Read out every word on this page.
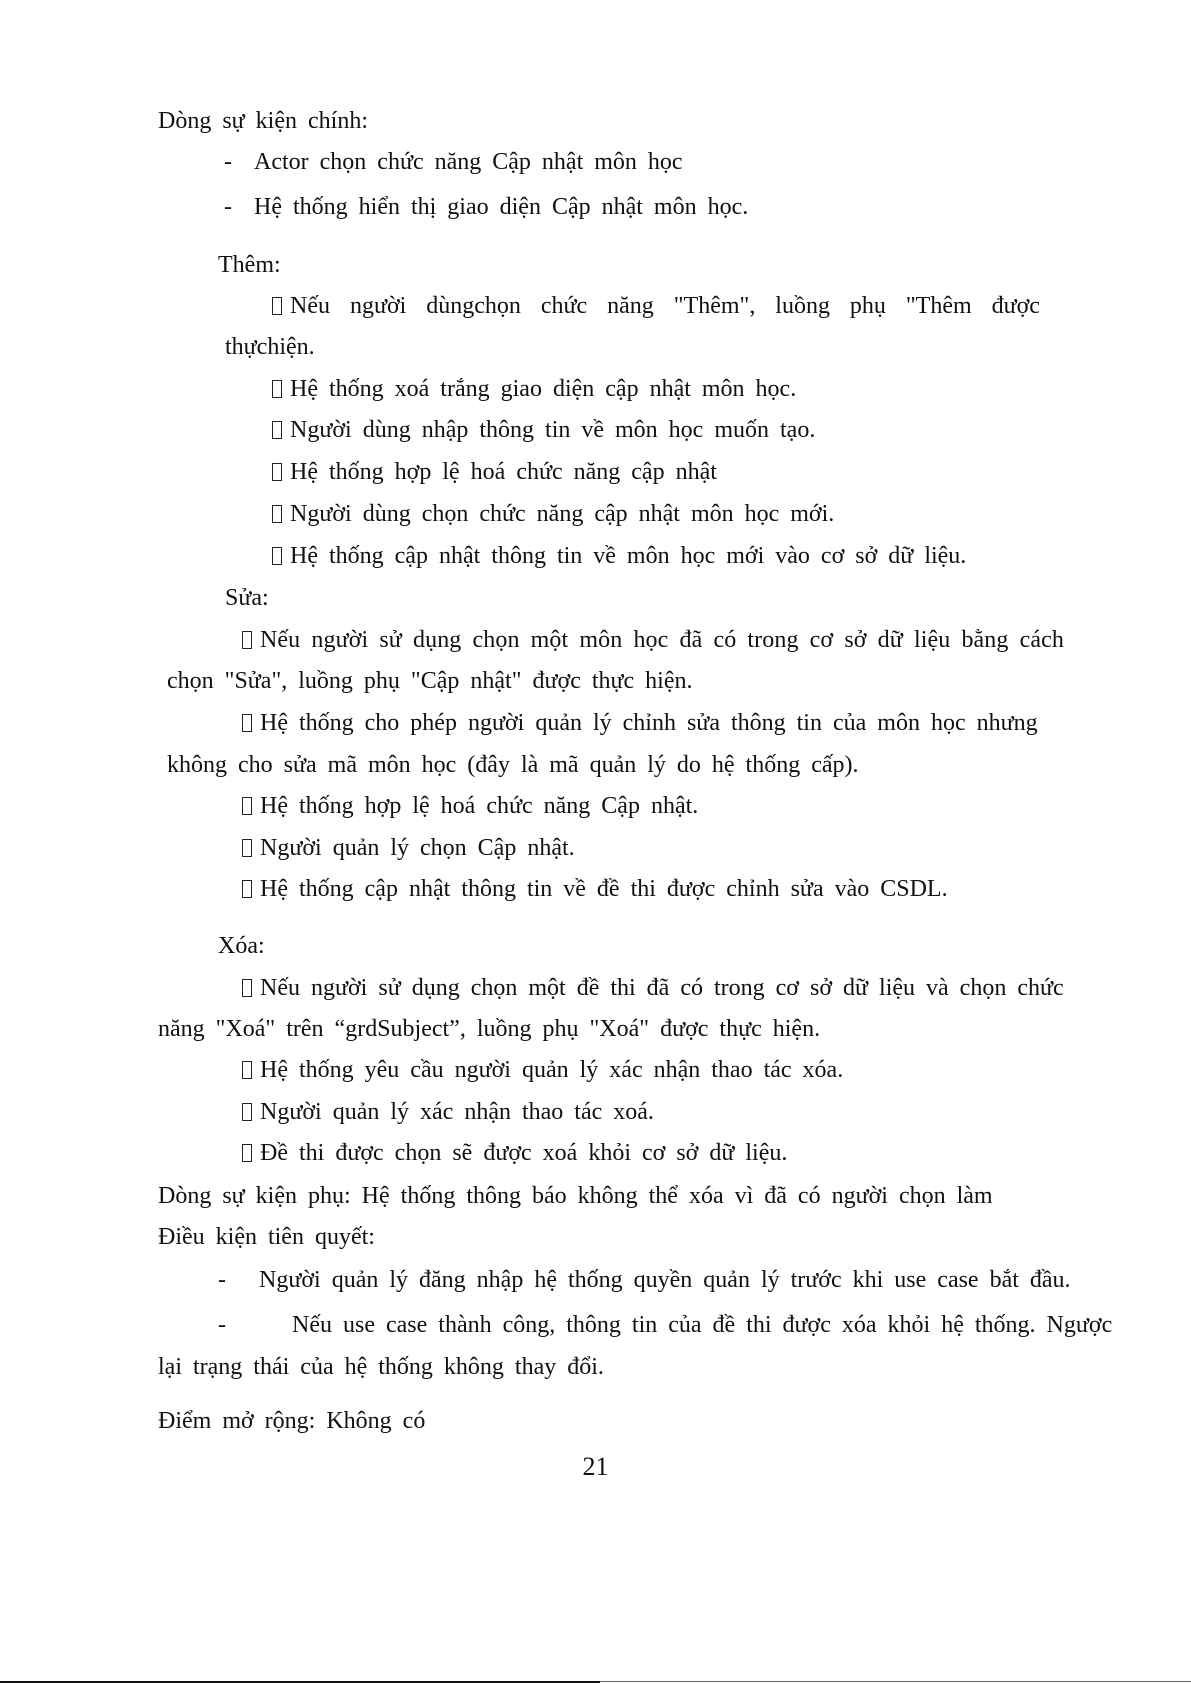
Dòng sự kiện chính:
-  Actor chọn chức năng Cập nhật môn học
-  Hệ thống hiển thị giao diện Cập nhật môn học.
Thêm:
Nếu người dùngchọn chức năng "Thêm", luồng phụ "Thêm được
thựchiện.
Hệ thống xoá trắng giao diện cập nhật môn học.
Người dùng nhập thông tin về môn học muốn tạo.
Hệ thống hợp lệ hoá chức năng cập nhật
Người dùng chọn chức năng cập nhật môn học mới.
Hệ thống cập nhật thông tin về môn học mới vào cơ sở dữ liệu.
Sửa:
Nếu người sử dụng chọn một môn học đã có trong cơ sở dữ liệu bằng cách
chọn "Sửa", luồng phụ "Cập nhật" được thực hiện.
Hệ thống cho phép người quản lý chỉnh sửa thông tin của môn học nhưng
không cho sửa mã môn học (đây là mã quản lý do hệ thống cấp).
Hệ thống hợp lệ hoá chức năng Cập nhật.
Người quản lý chọn Cập nhật.
Hệ thống cập nhật thông tin về đề thi được chỉnh sửa vào CSDL.
Xóa:
Nếu người sử dụng chọn một đề thi đã có trong cơ sở dữ liệu và chọn chức
năng "Xoá" trên “grdSubject”, luồng phụ "Xoá" được thực hiện.
Hệ thống yêu cầu người quản lý xác nhận thao tác xóa.
Người quản lý xác nhận thao tác xoá.
Đề thi được chọn sẽ được xoá khỏi cơ sở dữ liệu.
Dòng sự kiện phụ: Hệ thống thông báo không thể xóa vì đã có người chọn làm
Điều kiện tiên quyết:
-   Người quản lý đăng nhập hệ thống quyền quản lý trước khi use case bắt đầu.
-      Nếu use case thành công, thông tin của đề thi được xóa khỏi hệ thống. Ngược
lại trạng thái của hệ thống không thay đổi.
Điểm mở rộng: Không có
21
